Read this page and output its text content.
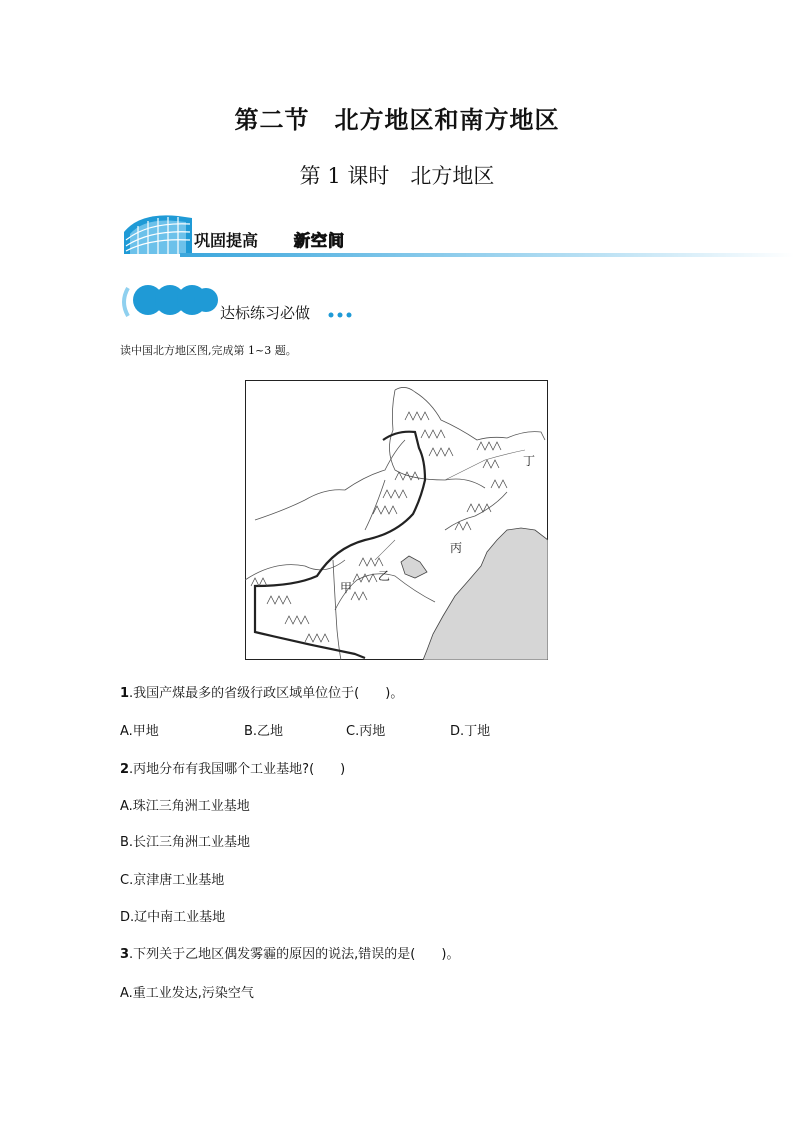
第二节　北方地区和南方地区
第 1 课时　北方地区
巩固提高 新空间
达标练习必做
读中国北方地区图,完成第 1~3 题。
甲
乙
丙
丁
1.我国产煤最多的省级行政区域单位位于(　　)。
A.甲地	B.乙地	C.丙地	D.丁地
2.丙地分布有我国哪个工业基地?(　　)
A.珠江三角洲工业基地
B.长江三角洲工业基地
C.京津唐工业基地
D.辽中南工业基地
3.下列关于乙地区偶发雾霾的原因的说法,错误的是(　　)。
A.重工业发达,污染空气
